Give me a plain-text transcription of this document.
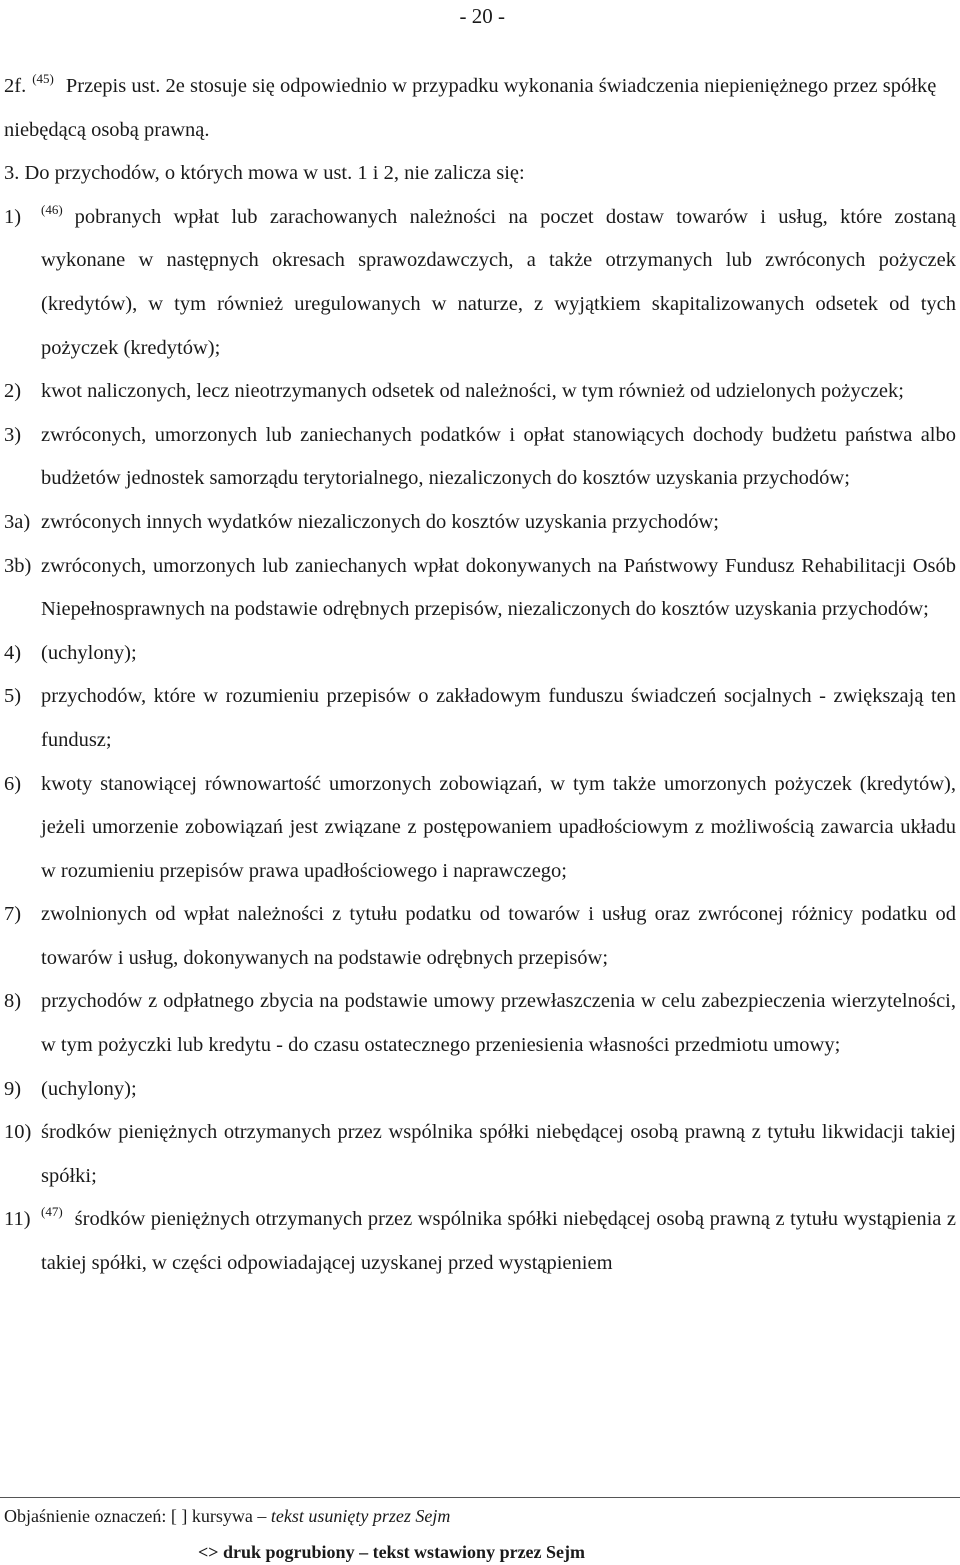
- 20 -

2f. $^{(45)}$ Przepis ust. 2e stosuje się odpowiednio w przypadku wykonania świadczenia niepieniężnego przez spółkę niebędącą osobą prawną.

3. Do przychodów, o których mowa w ust. 1 i 2, nie zalicza się:

1) $^{(46)}$ pobranych wpłat lub zarachowanych należności na poczet dostaw towarów i usług, które zostaną wykonane w następnych okresach sprawozdawczych, a także otrzymanych lub zwróconych pożyczek (kredytów), w tym również uregulowanych w naturze, z wyjątkiem skapitalizowanych odsetek od tych pożyczek (kredytów);

2) kwot naliczonych, lecz nieotrzymanych odsetek od należności, w tym również od udzielonych pożyczek;

3) zwróconych, umorzonych lub zaniechanych podatków i opłat stanowiących dochody budżetu państwa albo budżetów jednostek samorządu terytorialnego, niezaliczonych do kosztów uzyskania przychodów;

3a) zwróconych innych wydatków niezaliczonych do kosztów uzyskania przychodów;

3b) zwróconych, umorzonych lub zaniechanych wpłat dokonywanych na Państwowy Fundusz Rehabilitacji Osób Niepełnosprawnych na podstawie odrębnych przepisów, niezaliczonych do kosztów uzyskania przychodów;

4) (uchylony);

5) przychodów, które w rozumieniu przepisów o zakładowym funduszu świadczeń socjalnych - zwiększają ten fundusz;

6) kwoty stanowiącej równowartość umorzonych zobowiązań, w tym także umorzonych pożyczek (kredytów), jeżeli umorzenie zobowiązań jest związane z postępowaniem upadłościowym z możliwością zawarcia układu w rozumieniu przepisów prawa upadłościowego i naprawczego;

7) zwolnionych od wpłat należności z tytułu podatku od towarów i usług oraz zwróconej różnicy podatku od towarów i usług, dokonywanych na podstawie odrębnych przepisów;

8) przychodów z odpłatnego zbycia na podstawie umowy przewłaszczenia w celu zabezpieczenia wierzytelności, w tym pożyczki lub kredytu - do czasu ostatecznego przeniesienia własności przedmiotu umowy;

9) (uchylony);

10) środków pieniężnych otrzymanych przez wspólnika spółki niebędącej osobą prawną z tytułu likwidacji takiej spółki;

11) $^{(47)}$ środków pieniężnych otrzymanych przez wspólnika spółki niebędącej osobą prawną z tytułu wystąpienia z takiej spółki, w części odpowiadającej uzyskanej przed wystąpieniem

Objaśnienie oznaczeń: [ ] kursywa – tekst usunięty przez Sejm
<> druk pogrubiony – tekst wstawiony przez Sejm
